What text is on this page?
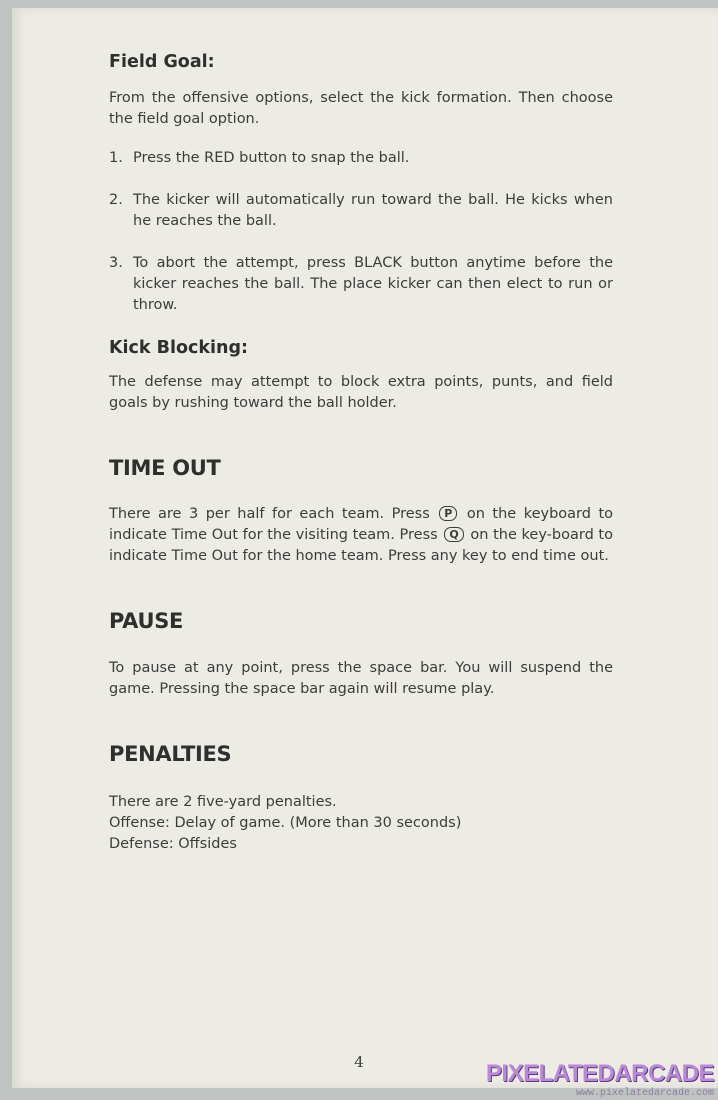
Field Goal:

From the offensive options, select the kick formation. Then choose the field goal option.

1. Press the RED button to snap the ball.
2. The kicker will automatically run toward the ball. He kicks when he reaches the ball.
3. To abort the attempt, press BLACK button anytime before the kicker reaches the ball. The place kicker can then elect to run or throw.
Kick Blocking:

The defense may attempt to block extra points, punts, and field goals by rushing toward the ball holder.

TIME OUT

There are 3 per half for each team. Press P on the keyboard to indicate Time Out for the visiting team. Press Q on the key-board to indicate Time Out for the home team. Press any key to end time out.

PAUSE

To pause at any point, press the space bar. You will suspend the game. Pressing the space bar again will resume play.

PENALTIES
There are 2 five-yard penalties.
Offense: Delay of game. (More than 30 seconds)
Defense: Offsides
4	PIXELATEDARCADE
www.pixelatedarcade.com
